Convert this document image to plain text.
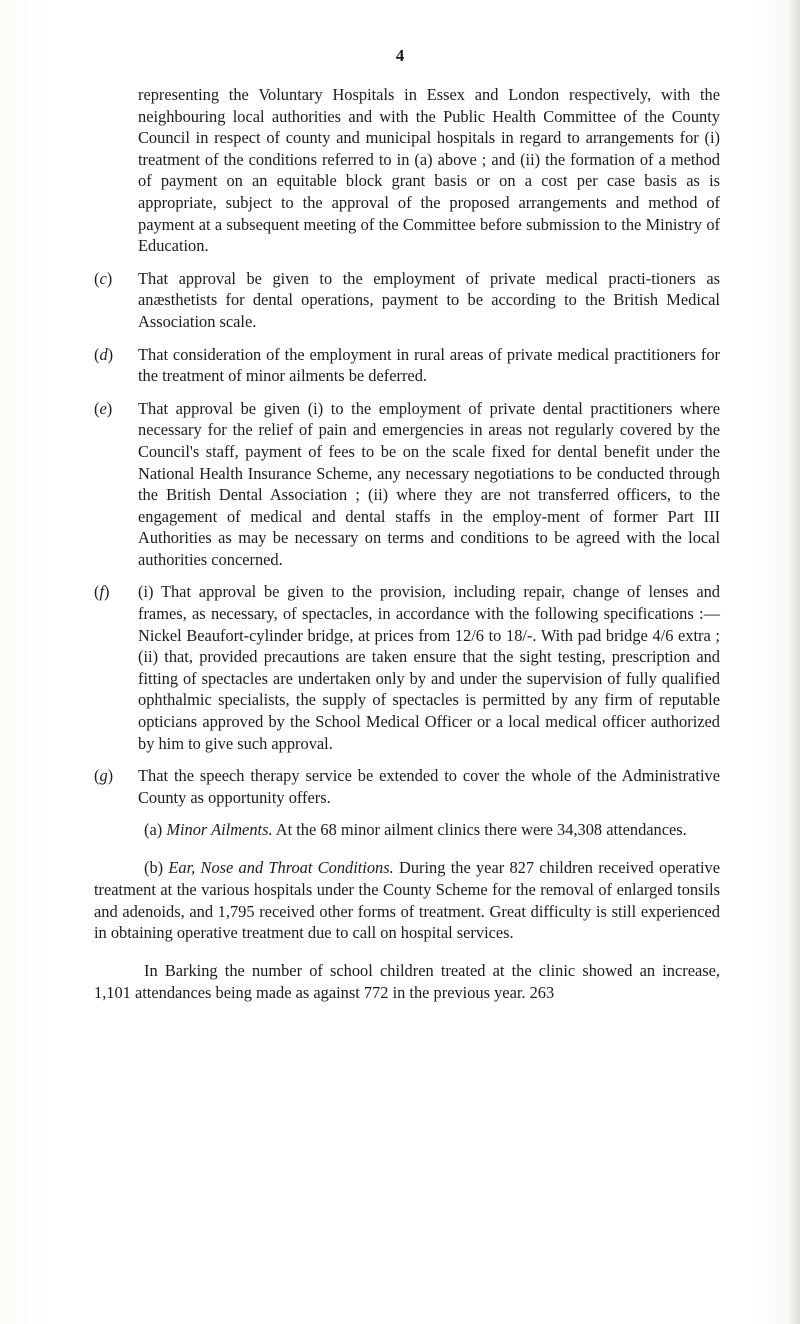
4

representing the Voluntary Hospitals in Essex and London respectively, with the neighbouring local authorities and with the Public Health Committee of the County Council in respect of county and municipal hospitals in regard to arrangements for (i) treatment of the conditions referred to in (a) above ; and (ii) the formation of a method of payment on an equitable block grant basis or on a cost per case basis as is appropriate, subject to the approval of the proposed arrangements and method of payment at a subsequent meeting of the Committee before submission to the Ministry of Education.

(c)	That approval be given to the employment of private medical practi-tioners as anæsthetists for dental operations, payment to be according to the British Medical Association scale.
(d)	That consideration of the employment in rural areas of private medical practitioners for the treatment of minor ailments be deferred.
(e)	That approval be given (i) to the employment of private dental practitioners where necessary for the relief of pain and emergencies in areas not regularly covered by the Council's staff, payment of fees to be on the scale fixed for dental benefit under the National Health Insurance Scheme, any necessary negotiations to be conducted through the British Dental Association ; (ii) where they are not transferred officers, to the engagement of medical and dental staffs in the employ-ment of former Part III Authorities as may be necessary on terms and conditions to be agreed with the local authorities concerned.
(f)	(i) That approval be given to the provision, including repair, change of lenses and frames, as necessary, of spectacles, in accordance with the following specifications :—Nickel Beaufort-cylinder bridge, at prices from 12/6 to 18/-. With pad bridge 4/6 extra ; (ii) that, provided precautions are taken ensure that the sight testing, prescription and fitting of spectacles are undertaken only by and under the supervision of fully qualified ophthalmic specialists, the supply of spectacles is permitted by any firm of reputable opticians approved by the School Medical Officer or a local medical officer authorized by him to give such approval.
(g)	That the speech therapy service be extended to cover the whole of the Administrative County as opportunity offers.

(a) Minor Ailments. At the 68 minor ailment clinics there were 34,308 attendances.

(b) Ear, Nose and Throat Conditions. During the year 827 children received operative treatment at the various hospitals under the County Scheme for the removal of enlarged tonsils and adenoids, and 1,795 received other forms of treatment. Great difficulty is still experienced in obtaining operative treatment due to call on hospital services.

In Barking the number of school children treated at the clinic showed an increase, 1,101 attendances being made as against 772 in the previous year. 263
